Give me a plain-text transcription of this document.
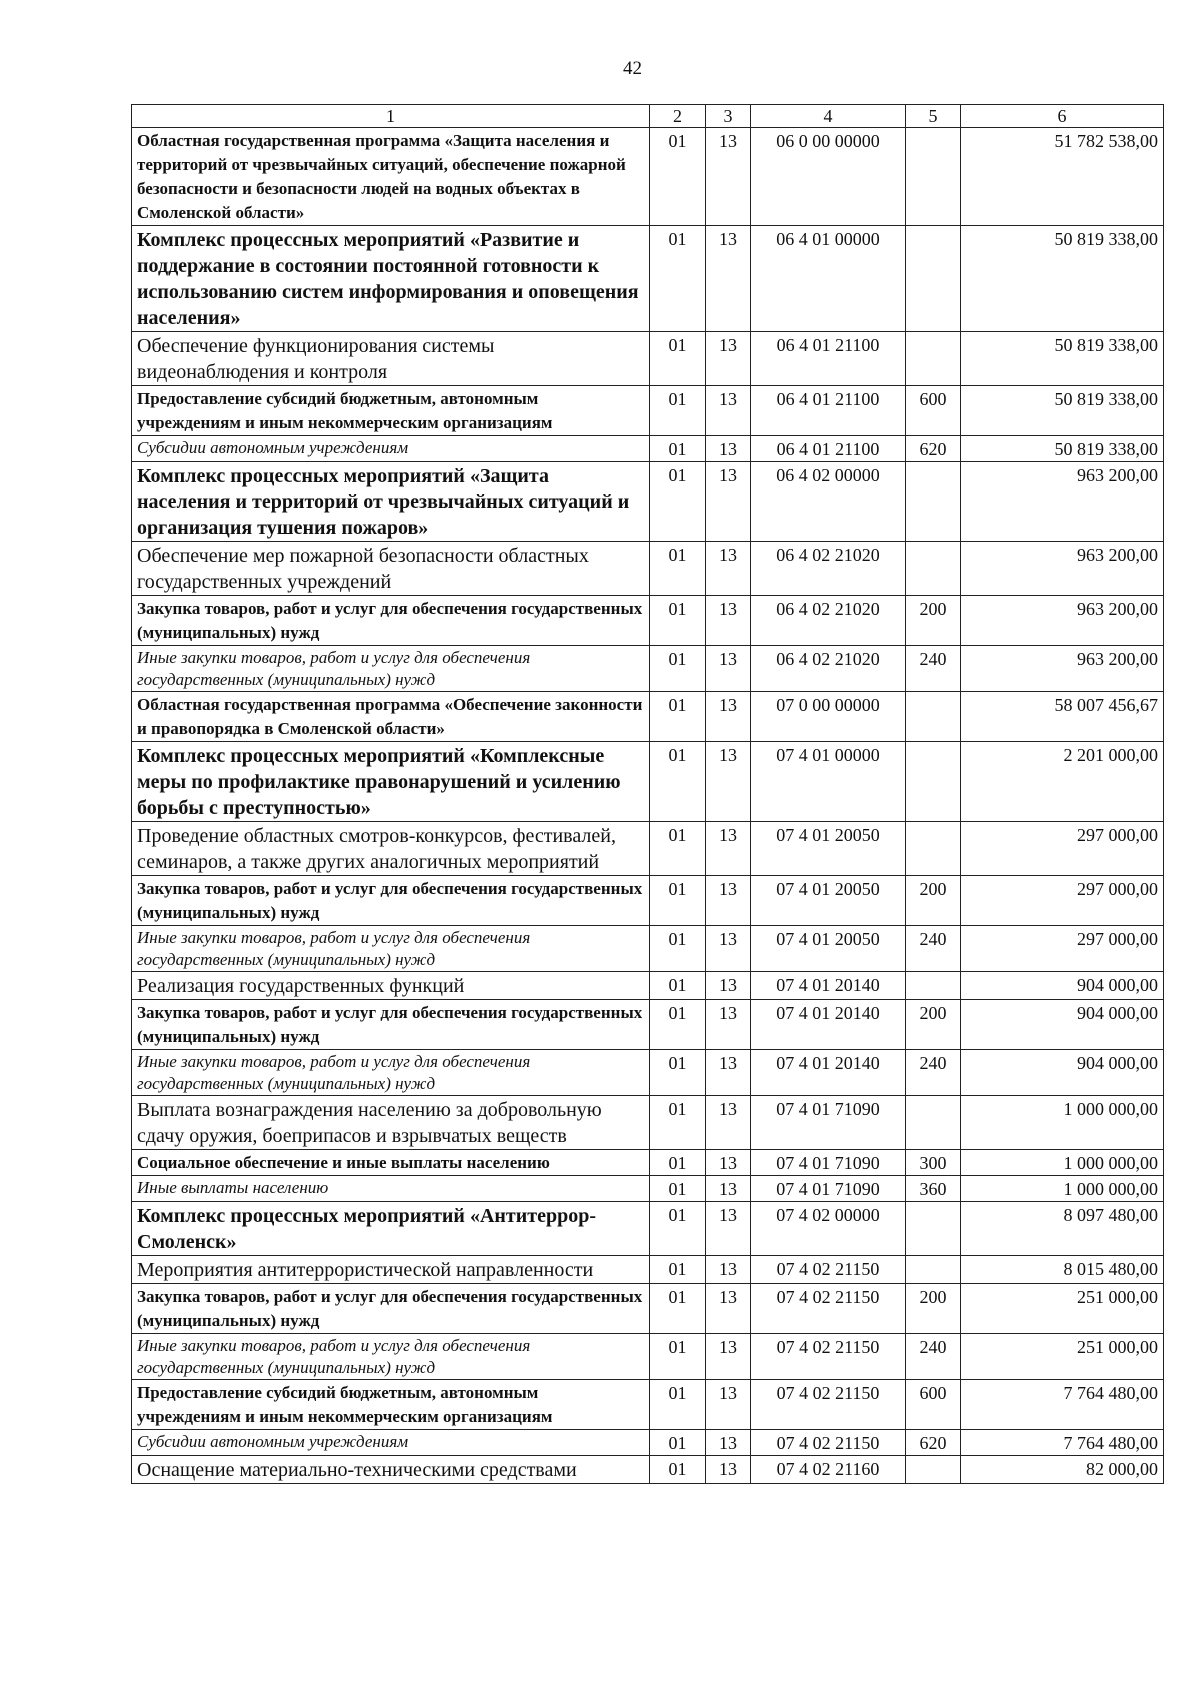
42
1	2	3	4	5	6
Областная государственная программа «Защита населения и территорий от чрезвычайных ситуаций, обеспечение пожарной безопасности и безопасности людей на водных объектах в Смоленской области»	01	13	06 0 00 00000		51 782 538,00
Комплекс процессных мероприятий «Развитие и поддержание в состоянии постоянной готовности к использованию систем информирования и оповещения населения»	01	13	06 4 01 00000		50 819 338,00
Обеспечение функционирования системы видеонаблюдения и контроля	01	13	06 4 01 21100		50 819 338,00
Предоставление субсидий бюджетным, автономным учреждениям и иным некоммерческим организациям	01	13	06 4 01 21100	600	50 819 338,00
Субсидии автономным учреждениям	01	13	06 4 01 21100	620	50 819 338,00
Комплекс процессных мероприятий «Защита населения и территорий от чрезвычайных ситуаций и организация тушения пожаров»	01	13	06 4 02 00000		963 200,00
Обеспечение мер пожарной безопасности областных государственных учреждений	01	13	06 4 02 21020		963 200,00
Закупка товаров, работ и услуг для обеспечения государственных (муниципальных) нужд	01	13	06 4 02 21020	200	963 200,00
Иные закупки товаров, работ и услуг для обеспечения государственных (муниципальных) нужд	01	13	06 4 02 21020	240	963 200,00
Областная государственная программа «Обеспечение законности и правопорядка в Смоленской области»	01	13	07 0 00 00000		58 007 456,67
Комплекс процессных мероприятий «Комплексные меры по профилактике правонарушений и усилению борьбы с преступностью»	01	13	07 4 01 00000		2 201 000,00
Проведение областных смотров-конкурсов, фестивалей, семинаров, а также других аналогичных мероприятий	01	13	07 4 01 20050		297 000,00
Закупка товаров, работ и услуг для обеспечения государственных (муниципальных) нужд	01	13	07 4 01 20050	200	297 000,00
Иные закупки товаров, работ и услуг для обеспечения государственных (муниципальных) нужд	01	13	07 4 01 20050	240	297 000,00
Реализация государственных функций	01	13	07 4 01 20140		904 000,00
Закупка товаров, работ и услуг для обеспечения государственных (муниципальных) нужд	01	13	07 4 01 20140	200	904 000,00
Иные закупки товаров, работ и услуг для обеспечения государственных (муниципальных) нужд	01	13	07 4 01 20140	240	904 000,00
Выплата вознаграждения населению за добровольную сдачу оружия, боеприпасов и взрывчатых веществ	01	13	07 4 01 71090		1 000 000,00
Социальное обеспечение и иные выплаты населению	01	13	07 4 01 71090	300	1 000 000,00
Иные выплаты населению	01	13	07 4 01 71090	360	1 000 000,00
Комплекс процессных мероприятий «Антитеррор-Смоленск»	01	13	07 4 02 00000		8 097 480,00
Мероприятия антитеррористической направленности	01	13	07 4 02 21150		8 015 480,00
Закупка товаров, работ и услуг для обеспечения государственных (муниципальных) нужд	01	13	07 4 02 21150	200	251 000,00
Иные закупки товаров, работ и услуг для обеспечения государственных (муниципальных) нужд	01	13	07 4 02 21150	240	251 000,00
Предоставление субсидий бюджетным, автономным учреждениям и иным некоммерческим организациям	01	13	07 4 02 21150	600	7 764 480,00
Субсидии автономным учреждениям	01	13	07 4 02 21150	620	7 764 480,00
Оснащение материально-техническими средствами	01	13	07 4 02 21160		82 000,00
